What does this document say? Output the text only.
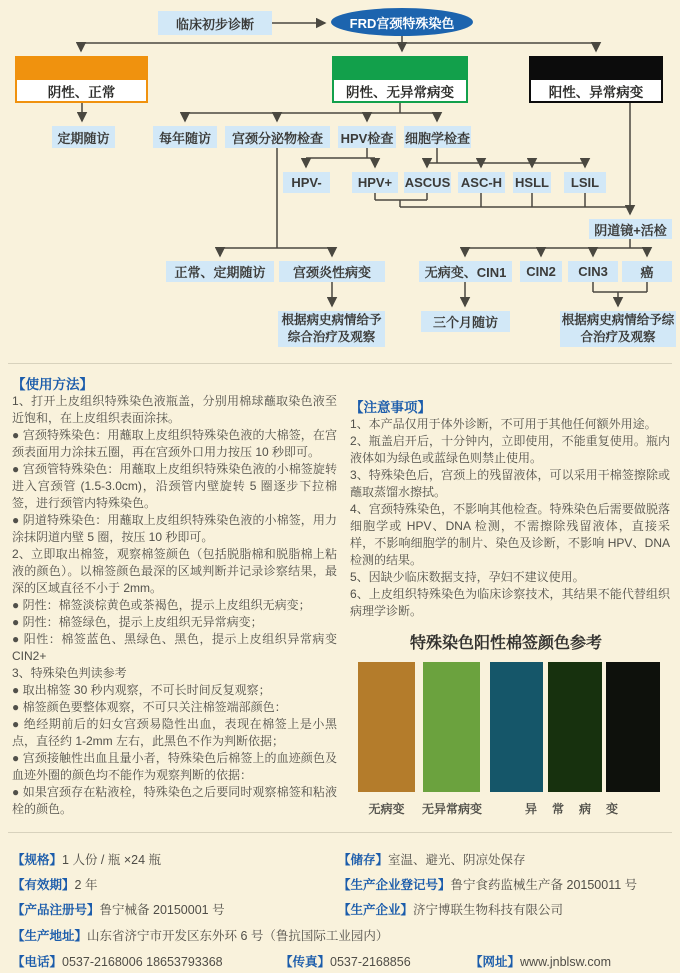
临床初步诊断	FRD宫颈特殊染色
阴性、正常	阴性、无异常病变	阳性、异常病变
定期随访	每年随访	宫颈分泌物检查	HPV检查 细胞学检查
HPV-	HPV+ ASCUS ASC-H HSLL	LSIL
阴道镜+活检
正常、定期随访	宫颈炎性病变	无病变、CIN1	CIN2	CIN3	癌
根据病史病情给予综合治疗及观察
三个月随访	根据病史病情给予综合治疗及观察

【使用方法】

1、打开上皮组织特殊染色液瓶盖，分别用棉球蘸取染色液至近饱和，在上皮组织表面涂抹。

● 宫颈特殊染色：用蘸取上皮组织特殊染色液的大棉签，在宫颈表面用力涂抹五圈，再在宫颈外口用力按压 10 秒即可。

● 宫颈管特殊染色：用蘸取上皮组织特殊染色液的小棉签旋转进入宫颈管 (1.5-3.0cm)，沿颈管内壁旋转 5 圈逐步下拉棉签，进行颈管内特殊染色。

● 阴道特殊染色：用蘸取上皮组织特殊染色液的小棉签，用力涂抹阴道内壁 5 圈，按压 10 秒即可。

2、立即取出棉签，观察棉签颜色（包括脱脂棉和脱脂棉上粘液的颜色）。以棉签颜色最深的区域判断并记录诊察结果，最深的区域直径不小于 2mm。

● 阴性：棉签淡棕黄色或茶褐色，提示上皮组织无病变；

● 阴性：棉签绿色，提示上皮组织无异常病变；

● 阳性：棉签蓝色、黑绿色、黑色，提示上皮组织异常病变 CIN2+

3、特殊染色判读参考

● 取出棉签 30 秒内观察，不可长时间反复观察；

● 棉签颜色要整体观察，不可只关注棉签端部颜色：

● 绝经期前后的妇女宫颈易隐性出血，表现在棉签上是小黑点，直径约 1-2mm 左右，此黑色不作为判断依据；

● 宫颈接触性出血且量小者，特殊染色后棉签上的血迹颜色及血迹外圈的颜色均不能作为观察判断的依据：

● 如果宫颈存在粘液栓，特殊染色之后要同时观察棉签和粘液栓的颜色。

【注意事项】

1、本产品仅用于体外诊断，不可用于其他任何额外用途。

2、瓶盖启开后，十分钟内，立即使用，不能重复使用。瓶内液体如为绿色或蓝绿色则禁止使用。

3、特殊染色后，宫颈上的残留液体，可以采用干棉签擦除或蘸取蒸馏水擦拭。

4、宫颈特殊染色，不影响其他检查。特殊染色后需要做脱落细胞学或 HPV、DNA 检测，不需擦除残留液体，直接采样，不影响细胞学的制片、染色及诊断，不影响 HPV、DNA 检测的结果。

5、因缺少临床数据支持，孕妇不建议使用。

6、上皮组织特殊染色为临床诊察技术，其结果不能代替组织病理学诊断。

特殊染色阳性棉签颜色参考
无病变	无异常病变	异常病变
【规格】1 人份 / 瓶 ×24 瓶	【储存】室温、避光、阴凉处保存
【有效期】2 年	【生产企业登记号】鲁宁食药监械生产备 20150011 号
【产品注册号】鲁宁械备 20150001 号	【生产企业】济宁博联生物科技有限公司
【生产地址】山东省济宁市开发区东外环 6 号（鲁抗国际工业园内）
【电话】0537-2168006 18653793368	【传真】0537-2168856	【网址】www.jnblsw.com
